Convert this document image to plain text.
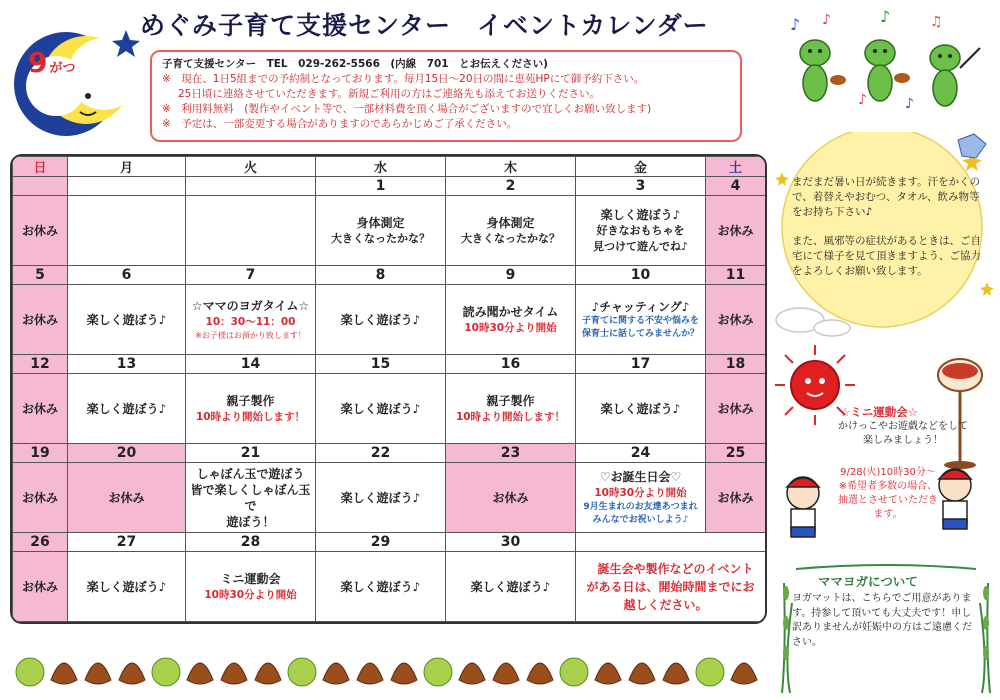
めぐみ子育て支援センター　イベントカレンダー
9 がつ	子育て支援センター　TEL　029-262-5566　(内線　701　とお伝えください)
※　現在、1日5組までの予約制となっております。毎月15日～20日の間に恵苑HPにて御予約下さい。
25日頃に連絡させていただきます。新規ご利用の方はご連絡先も添えてお送りください。
※　利用料無料　(製作やイベント等で、一部材料費を頂く場合がございますので宜しくお願い致します)
※　予定は、一部変更する場合がありますのであらかじめご了承ください。
♪ ♪	♪	♫
♪	♪
日	月	火	水	木	金	土
			1	2	3	4
お休み			身体測定
大きくなったかな？	身体測定
大きくなったかな？	楽しく遊ぼう♪
好きなおもちゃを
見つけて遊んでね♪	お休み
5	6	7	8	9	10	11
お休み	楽しく遊ぼう♪	☆ママのヨガタイム☆
10：30～11：00
※お子様はお預かり致します！	楽しく遊ぼう♪	読み聞かせタイム
10時30分より開始	♪チャッティング♪
子育てに関する不安や悩みを
保育士に話してみませんか？	お休み
12	13	14	15	16	17	18
お休み	楽しく遊ぼう♪	親子製作
10時より開始します！	楽しく遊ぼう♪	親子製作
10時より開始します！	楽しく遊ぼう♪	お休み
19	20	21	22	23	24	25
お休み	お休み	しゃぼん玉で遊ぼう
皆で楽しくしゃぼん玉で
遊ぼう！	楽しく遊ぼう♪	お休み	♡お誕生日会♡
10時30分より開始
9月生まれのお友達あつまれ
みんなでお祝いしよう♪	お休み
26	27	28	29	30		
お休み	楽しく遊ぼう♪	ミニ運動会
10時30分より開始	楽しく遊ぼう♪	楽しく遊ぼう♪	誕生会や製作などのイベントがある日は、開始時間までにお越しください。	

まだまだ暑い日が続きます。汗をかくので、着替えやおむつ、タオル、飲み物等をお持ち下さい♪

また、風邪等の症状があるときは、ご自宅にて様子を見て頂きますよう、ご協力をよろしくお願い致します。

☆ミニ運動会☆
かけっこやお遊戯などをして楽しみましょう！
9/28(火)10時30分～ ※希望者多数の場合、抽選とさせていただきます。
ママヨガについて
ヨガマットは、こちらでご用意があります。持参して頂いても大丈夫です！申し訳ありませんが妊娠中の方はご遠慮ください。
